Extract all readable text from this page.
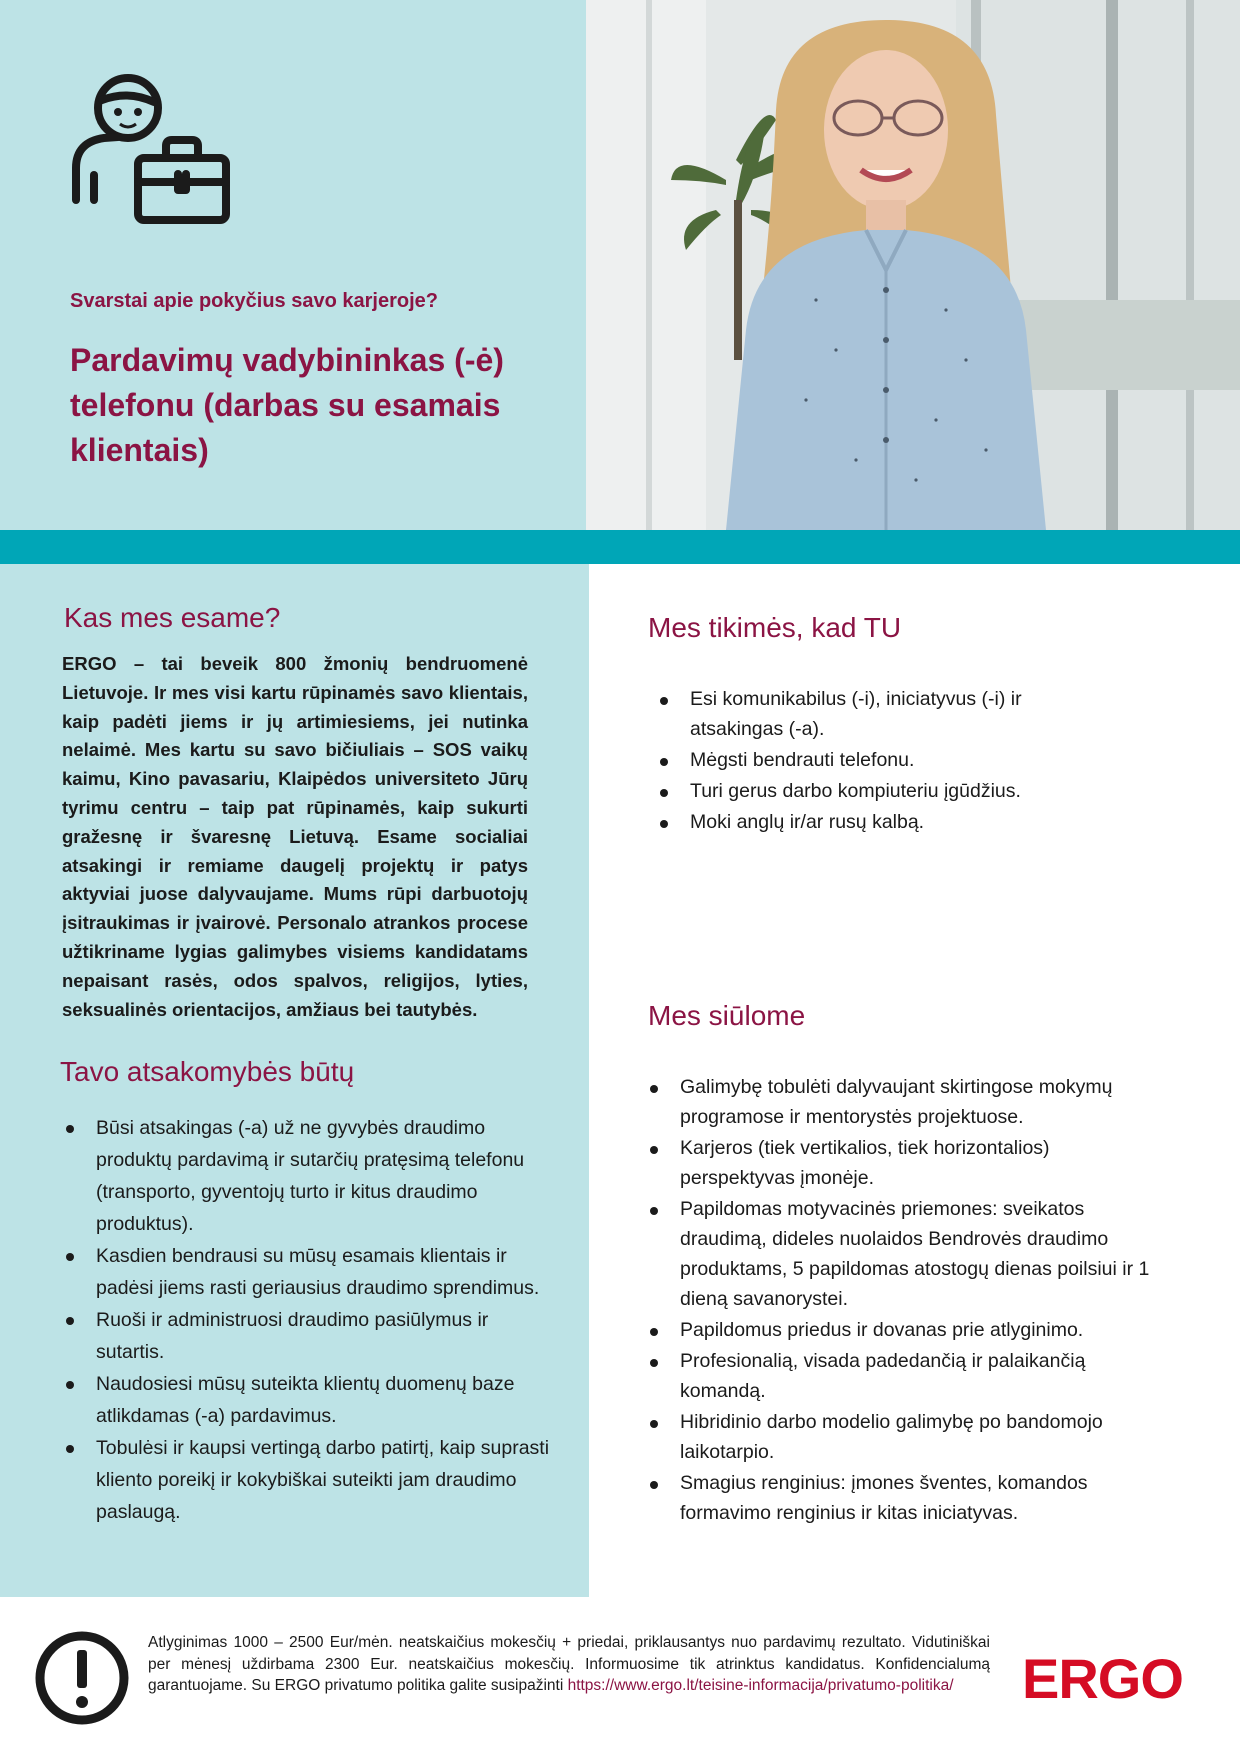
Svarstai apie pokyčius savo karjeroje?
Pardavimų vadybininkas (-ė) telefonu (darbas su esamais klientais)
Kas mes esame?
ERGO – tai beveik 800 žmonių bendruomenė Lietuvoje. Ir mes visi kartu rūpinamės savo klientais, kaip padėti jiems ir jų artimiesiems, jei nutinka nelaimė. Mes kartu su savo bičiuliais – SOS vaikų kaimu, Kino pavasariu, Klaipėdos universiteto Jūrų tyrimu centru – taip pat rūpinamės, kaip sukurti gražesnę ir švaresnę Lietuvą. Esame socialiai atsakingi ir remiame daugelį projektų ir patys aktyviai juose dalyvaujame. Mums rūpi darbuotojų įsitraukimas ir įvairovė. Personalo atrankos procese užtikriname lygias galimybes visiems kandidatams nepaisant rasės, odos spalvos, religijos, lyties, seksualinės orientacijos, amžiaus bei tautybės.
Tavo atsakomybės būtų
Būsi atsakingas (-a) už ne gyvybės draudimo produktų pardavimą ir sutarčių pratęsimą telefonu (transporto, gyventojų turto ir kitus draudimo produktus).
Kasdien bendrausi su mūsų esamais klientais ir padėsi jiems rasti geriausius draudimo sprendimus.
Ruoši ir administruosi draudimo pasiūlymus ir sutartis.
Naudosiesi mūsų suteikta klientų duomenų baze atlikdamas (-a) pardavimus.
Tobulėsi ir kaupsi vertingą darbo patirtį, kaip suprasti kliento poreikį ir kokybiškai suteikti jam draudimo paslaugą.
Mes tikimės, kad TU
Esi komunikabilus (-i), iniciatyvus (-i) ir atsakingas (-a).
Mėgsti bendrauti telefonu.
Turi gerus darbo kompiuteriu įgūdžius.
Moki anglų ir/ar rusų kalbą.
Mes siūlome
Galimybę tobulėti dalyvaujant skirtingose mokymų programose ir mentorystės projektuose.
Karjeros (tiek vertikalios, tiek horizontalios) perspektyvas įmonėje.
Papildomas motyvacinės priemones: sveikatos draudimą, dideles nuolaidos Bendrovės draudimo produktams, 5 papildomas atostogų dienas poilsiui ir 1 dieną savanorystei.
Papildomus priedus ir dovanas prie atlyginimo.
Profesionalią, visada padedančią ir palaikančią komandą.
Hibridinio darbo modelio galimybę po bandomojo laikotarpio.
Smagius renginius: įmones šventes, komandos formavimo renginius ir kitas iniciatyvas.
Atlyginimas 1000 – 2500 Eur/mėn. neatskaičius mokesčių + priedai, priklausantys nuo pardavimų rezultato. Vidutiniškai per mėnesį uždirbama 2300 Eur. neatskaičius mokesčių. Informuosime tik atrinktus kandidatus. Konfidencialumą garantuojame. Su ERGO privatumo politika galite susipažinti https://www.ergo.lt/teisine-informacija/privatumo-politika/	ERGO
